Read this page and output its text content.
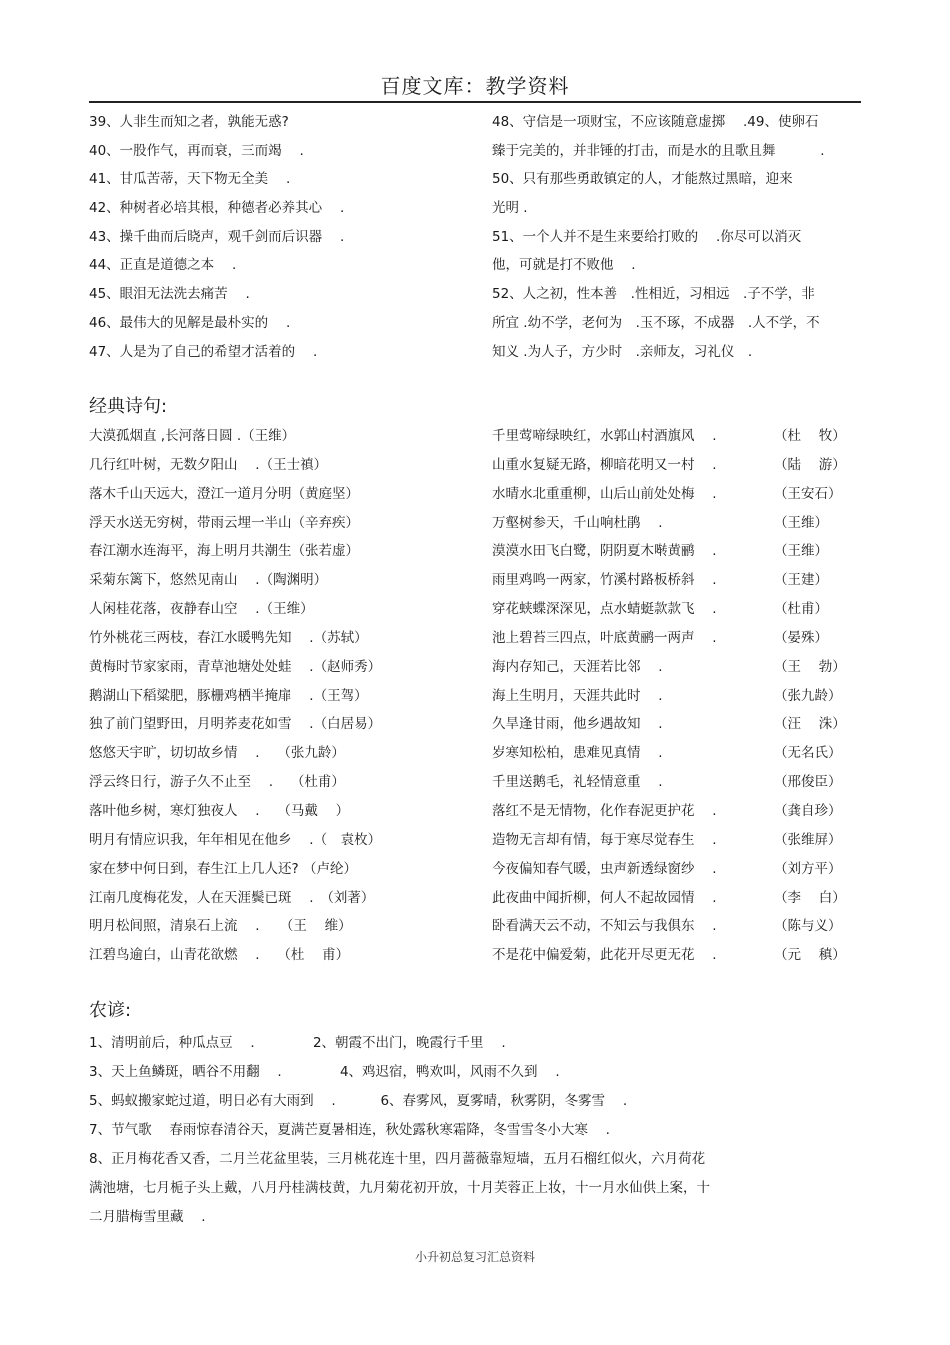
百度文库：教学资料
39、人非生而知之者，孰能无惑?
40、一股作气，再而衰，三而竭　 .
41、甘瓜苦蒂，天下物无全美　 .
42、种树者必培其根，种德者必养其心　 .
43、操千曲而后晓声，观千剑而后识器　 .
44、正直是道德之本　 .
45、眼泪无法洗去痛苦　 .
46、最伟大的见解是最朴实的　 .
47、人是为了自己的希望才活着的　 .
48、守信是一项财宝，不应该随意虚掷　 .49、使卵石
臻于完美的，并非锤的打击，而是水的且歌且舞　　　 .
50、只有那些勇敢镇定的人，才能熬过黑暗，迎来
光明 .
51、一个人并不是生来要给打败的　 .你尽可以消灭
他，可就是打不败他　 .
52、人之初，性本善　.性相近，习相远　.子不学，非
所宜 .幼不学，老何为　.玉不琢，不成器　.人不学，不
知义 .为人子，方少时　.亲师友，习礼仪　.
经典诗句:
大漠孤烟直 ,长河落日圆 .（王维）
几行红叶树，无数夕阳山　 .（王士禛）
落木千山天远大，澄江一道月分明（黄庭坚）
浮天水送无穷树，带雨云埋一半山（辛弃疾）
春江潮水连海平，海上明月共潮生（张若虚）
采菊东篱下，悠然见南山　 .（陶渊明）
人闲桂花落，夜静春山空　 .（王维）
竹外桃花三两枝，春江水暖鸭先知　 .（苏轼）
黄梅时节家家雨，青草池塘处处蛙　 .（赵师秀）
鹅湖山下稻粱肥，豚栅鸡栖半掩扉　 .（王驾）
独了前门望野田，月明荞麦花如雪　 .（白居易）
悠悠天宇旷，切切故乡情　 .　 （张九龄）
浮云终日行，游子久不止至　 .　 （杜甫）
落叶他乡树，寒灯独夜人　 .　 （马戴　 ）
明月有情应识我，年年相见在他乡　 .（　袁枚）
家在梦中何日到，春生江上几人还? （卢纶）
江南几度梅花发，人在天涯鬓已斑　 .　（刘著）
明月松间照，清泉石上流　 .　　（王　 维）
江碧鸟逾白，山青花欲燃　 .　 （杜　 甫）
千里莺啼绿映红，水郭山村酒旗风　 .	（杜　 牧）
山重水复疑无路，柳暗花明又一村　 .	（陆　 游）
水晴水北重重柳，山后山前处处梅　 .	（王安石）
万壑树参天，千山响杜鹃　 .	（王维）
漠漠水田飞白鹭，阴阴夏木啭黄鹂　 .	（王维）
雨里鸡鸣一两家，竹溪村路板桥斜　 .	（王建）
穿花蛱蝶深深见，点水蜻蜓款款飞　 .	（杜甫）
池上碧苔三四点，叶底黄鹂一两声　 .	（晏殊）
海内存知己，天涯若比邻　 .	（王　 勃）
海上生明月，天涯共此时　 .	（张九龄）
久旱逢甘雨，他乡遇故知　 .	（汪　 洙）
岁寒知松柏，患难见真情　 .	（无名氏）
千里送鹅毛，礼轻情意重　 .	（邢俊臣）
落红不是无情物，化作春泥更护花　 .	（龚自珍）
造物无言却有情，每于寒尽觉春生　 .	（张维屏）
今夜偏知春气暖，虫声新透绿窗纱　 .	（刘方平）
此夜曲中闻折柳，何人不起故园情　 .	（李　 白）
卧看满天云不动，不知云与我俱东　 .	（陈与义）
不是花中偏爱菊，此花开尽更无花　 .	（元　 稹）
农谚:
1、清明前后，种瓜点豆　 .　　　　 2、朝霞不出门，晚霞行千里　 .
3、天上鱼鳞斑，晒谷不用翻　 .　　　　 4、鸡迟宿，鸭欢叫，风雨不久到　 .
5、蚂蚁搬家蛇过道，明日必有大雨到　 .　　　 6、春雾风，夏雾晴，秋雾阴，冬雾雪　 .
7、节气歌　 春雨惊春清谷天，夏满芒夏暑相连，秋处露秋寒霜降，冬雪雪冬小大寒　 .
8、正月梅花香又香，二月兰花盆里装，三月桃花连十里，四月蔷薇靠短墙，五月石榴红似火，六月荷花
满池塘，七月栀子头上戴，八月丹桂满枝黄，九月菊花初开放，十月芙蓉正上妆，十一月水仙供上案，十
二月腊梅雪里藏　 .
小升初总复习汇总资料
